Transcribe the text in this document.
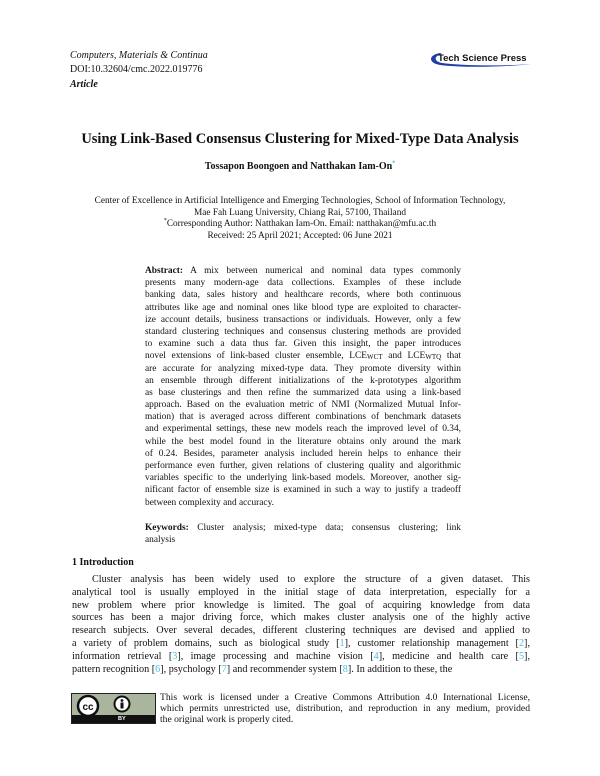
Computers, Materials & Continua
DOI:10.32604/cmc.2022.019776
Article
Tech Science Press
Using Link-Based Consensus Clustering for Mixed-Type Data Analysis
Tossapon Boongoen and Natthakan Iam-On*
Center of Excellence in Artificial Intelligence and Emerging Technologies, School of Information Technology,
Mae Fah Luang University, Chiang Rai, 57100, Thailand
*Corresponding Author: Natthakan Iam-On. Email: natthakan@mfu.ac.th
Received: 25 April 2021; Accepted: 06 June 2021
Abstract: A mix between numerical and nominal data types commonly
presents many modern-age data collections. Examples of these include
banking data, sales history and healthcare records, where both continuous
attributes like age and nominal ones like blood type are exploited to character-
ize account details, business transactions or individuals. However, only a few
standard clustering techniques and consensus clustering methods are provided
to examine such a data thus far. Given this insight, the paper introduces
novel extensions of link-based cluster ensemble, LCEWCT and LCEWTQ that
are accurate for analyzing mixed-type data. They promote diversity within
an ensemble through different initializations of the k-prototypes algorithm
as base clusterings and then refine the summarized data using a link-based
approach. Based on the evaluation metric of NMI (Normalized Mutual Infor-
mation) that is averaged across different combinations of benchmark datasets
and experimental settings, these new models reach the improved level of 0.34,
while the best model found in the literature obtains only around the mark
of 0.24. Besides, parameter analysis included herein helps to enhance their
performance even further, given relations of clustering quality and algorithmic
variables specific to the underlying link-based models. Moreover, another sig-
nificant factor of ensemble size is examined in such a way to justify a tradeoff
between complexity and accuracy.
Keywords: Cluster analysis; mixed-type data; consensus clustering; link
analysis
1 Introduction
Cluster analysis has been widely used to explore the structure of a given dataset. This
analytical tool is usually employed in the initial stage of data interpretation, especially for a
new problem where prior knowledge is limited. The goal of acquiring knowledge from data
sources has been a major driving force, which makes cluster analysis one of the highly active
research subjects. Over several decades, different clustering techniques are devised and applied to
a variety of problem domains, such as biological study [1], customer relationship management [2],
information retrieval [3], image processing and machine vision [4], medicine and health care [5],
pattern recognition [6], psychology [7] and recommender system [8]. In addition to these, the
cc
BY
This work is licensed under a Creative Commons Attribution 4.0 International License,
which permits unrestricted use, distribution, and reproduction in any medium, provided
the original work is properly cited.
